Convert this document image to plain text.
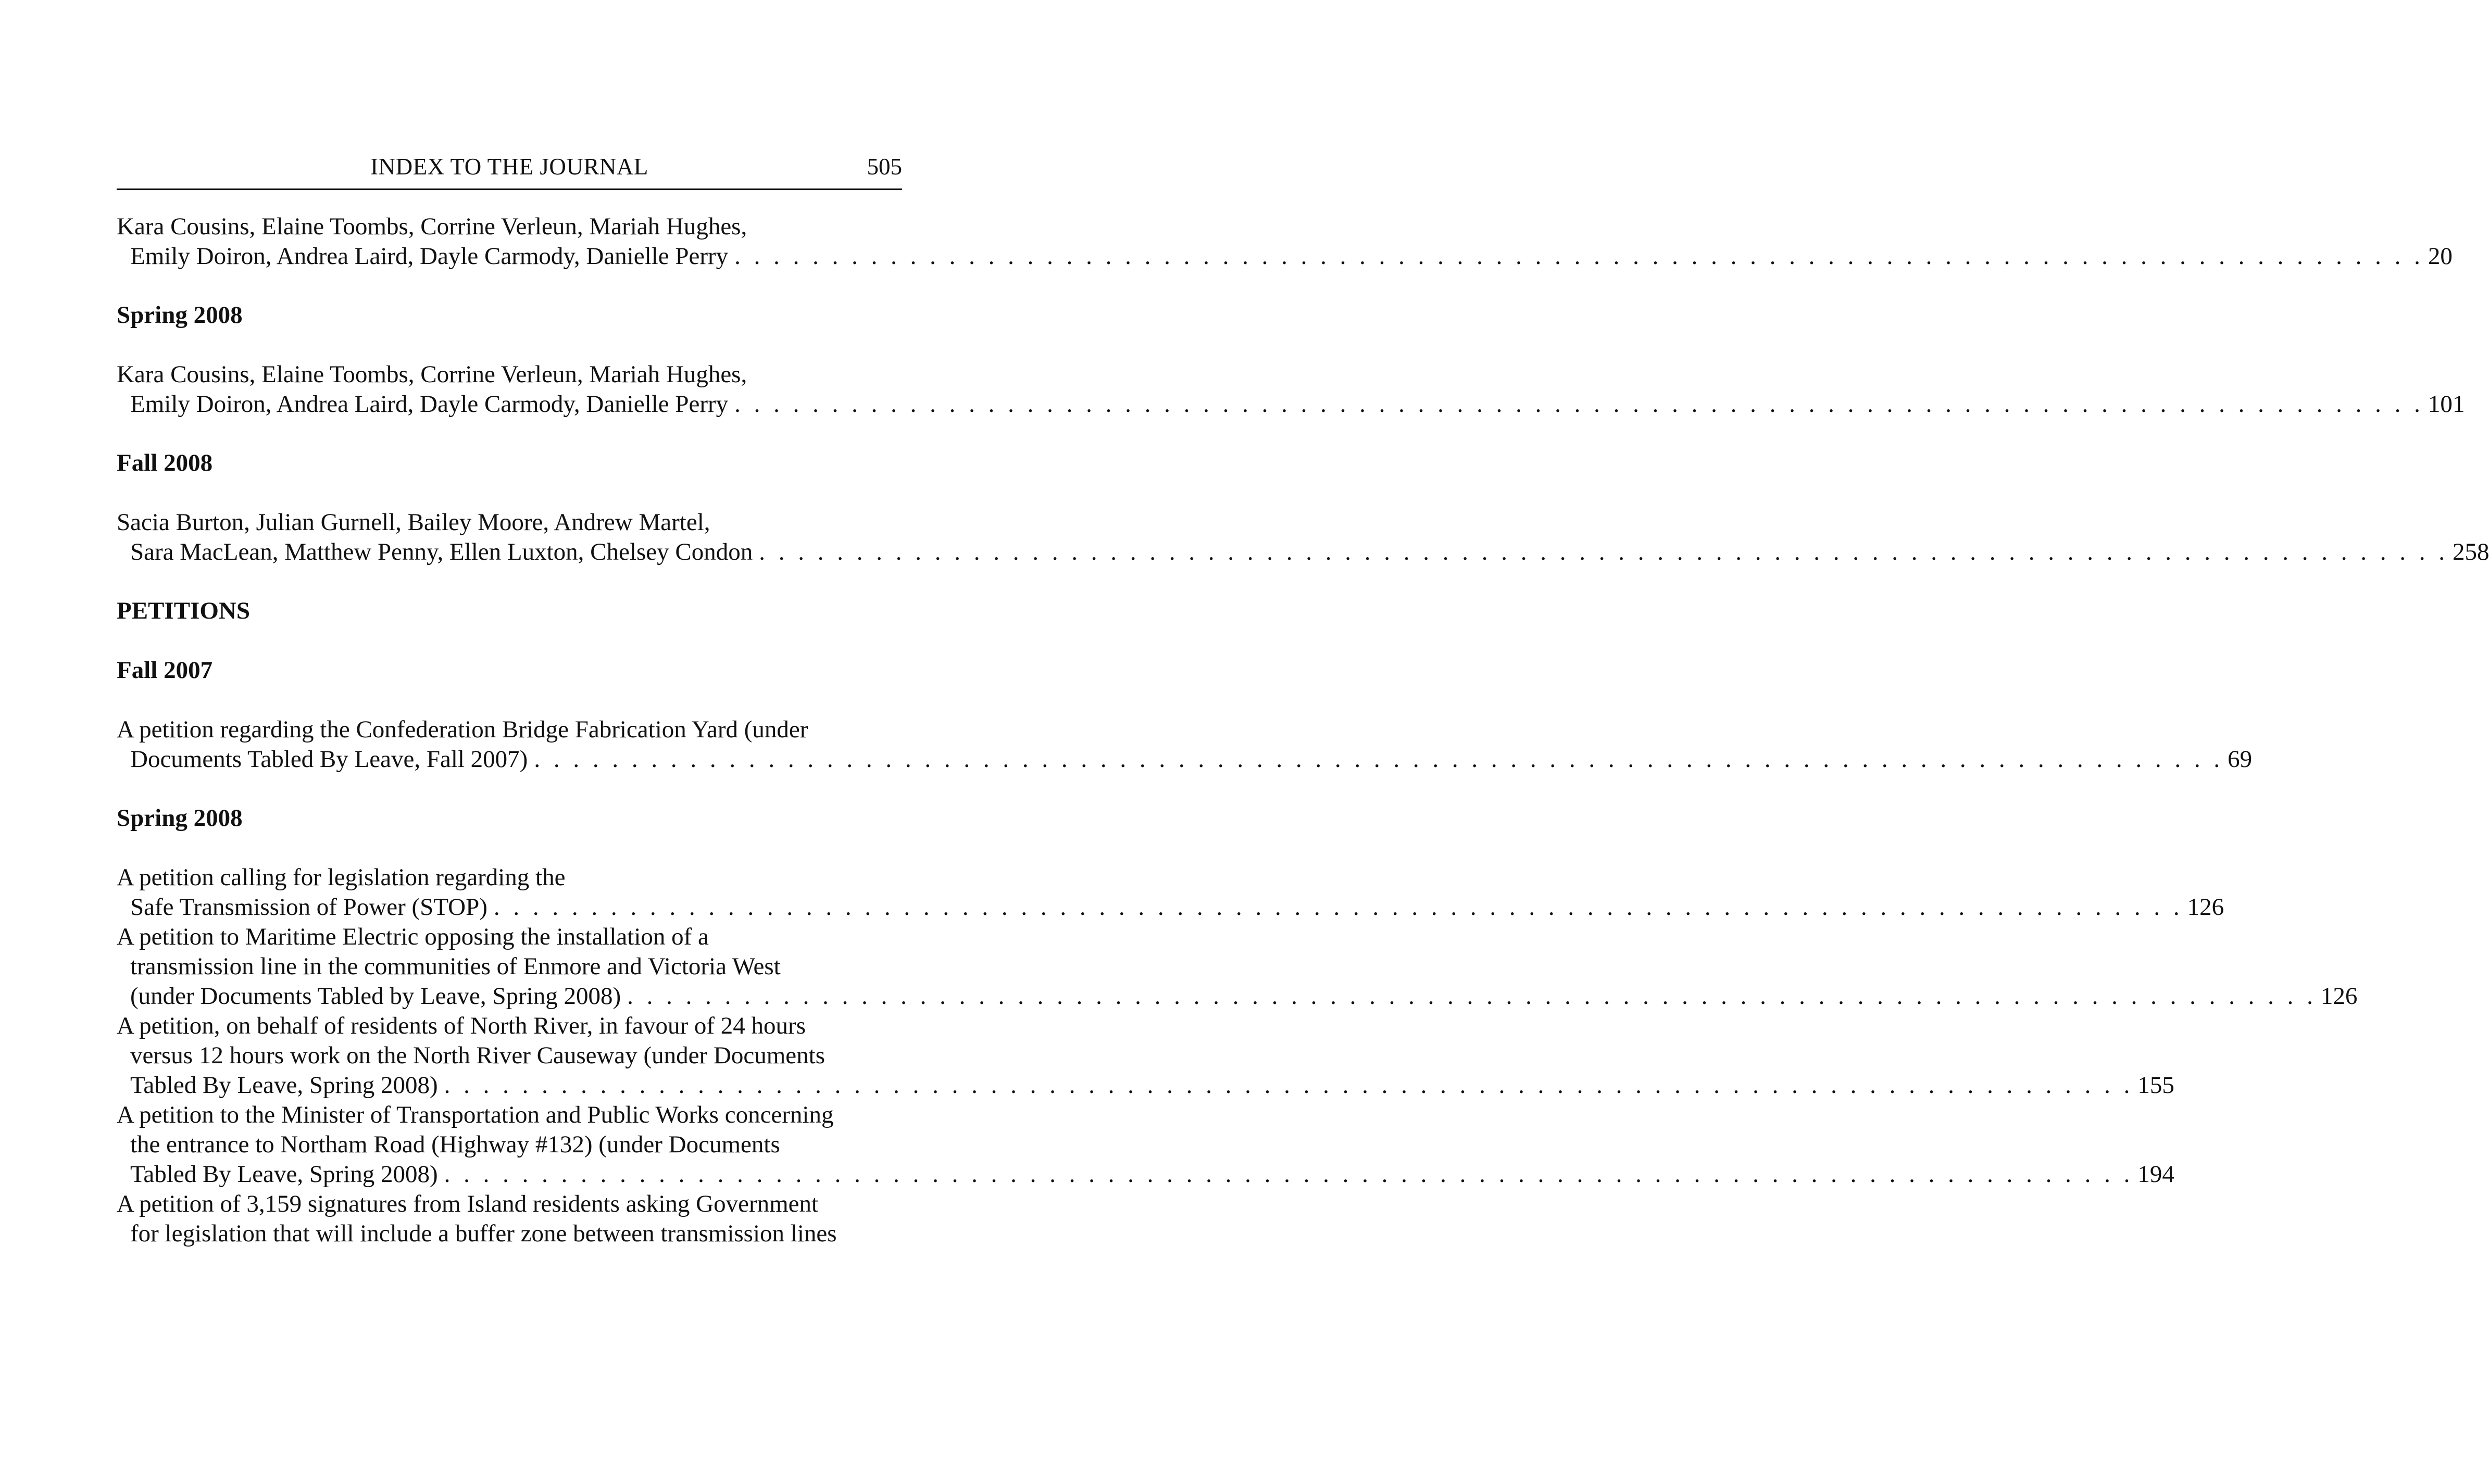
INDEX TO THE JOURNAL	505
Kara Cousins, Elaine Toombs, Corrine Verleun, Mariah Hughes,
Emily Doiron, Andrea Laird, Dayle Carmody, Danielle Perry . . . . . . . . . . . . . . . . . . . . . . . . . . . . . . . . . . . . . . . . . . . . . . . . . . . . . . . . . . . . . . . . . . . . . . . . . . . . . . . . . . . . . . . 20
Spring 2008
Kara Cousins, Elaine Toombs, Corrine Verleun, Mariah Hughes,
Emily Doiron, Andrea Laird, Dayle Carmody, Danielle Perry . . . . . . . . . . . . . . . . . . . . . . . . . . . . . . . . . . . . . . . . . . . . . . . . . . . . . . . . . . . . . . . . . . . . . . . . . . . . . . . . . . . . . . . 101
Fall 2008
Sacia Burton, Julian Gurnell, Bailey Moore, Andrew Martel,
Sara MacLean, Matthew Penny, Ellen Luxton, Chelsey Condon . . . . . . . . . . . . . . . . . . . . . . . . . . . . . . . . . . . . . . . . . . . . . . . . . . . . . . . . . . . . . . . . . . . . . . . . . . . . . . . . . . . . . . . 258
PETITIONS
Fall 2007
A petition regarding the Confederation Bridge Fabrication Yard (under
Documents Tabled By Leave, Fall 2007) . . . . . . . . . . . . . . . . . . . . . . . . . . . . . . . . . . . . . . . . . . . . . . . . . . . . . . . . . . . . . . . . . . . . . . . . . . . . . . . . . . . . . . . 69
Spring 2008
A petition calling for legislation regarding the
Safe Transmission of Power (STOP) . . . . . . . . . . . . . . . . . . . . . . . . . . . . . . . . . . . . . . . . . . . . . . . . . . . . . . . . . . . . . . . . . . . . . . . . . . . . . . . . . . . . . . . 126
A petition to Maritime Electric opposing the installation of a
transmission line in the communities of Enmore and Victoria West
(under Documents Tabled by Leave, Spring 2008) . . . . . . . . . . . . . . . . . . . . . . . . . . . . . . . . . . . . . . . . . . . . . . . . . . . . . . . . . . . . . . . . . . . . . . . . . . . . . . . . . . . . . . . 126
A petition, on behalf of residents of North River, in favour of 24 hours
versus 12 hours work on the North River Causeway (under Documents
Tabled By Leave, Spring 2008) . . . . . . . . . . . . . . . . . . . . . . . . . . . . . . . . . . . . . . . . . . . . . . . . . . . . . . . . . . . . . . . . . . . . . . . . . . . . . . . . . . . . . . . 155
A petition to the Minister of Transportation and Public Works concerning
the entrance to Northam Road (Highway #132) (under Documents
Tabled By Leave, Spring 2008) . . . . . . . . . . . . . . . . . . . . . . . . . . . . . . . . . . . . . . . . . . . . . . . . . . . . . . . . . . . . . . . . . . . . . . . . . . . . . . . . . . . . . . . 194
A petition of 3,159 signatures from Island residents asking Government
for legislation that will include a buffer zone between transmission lines
